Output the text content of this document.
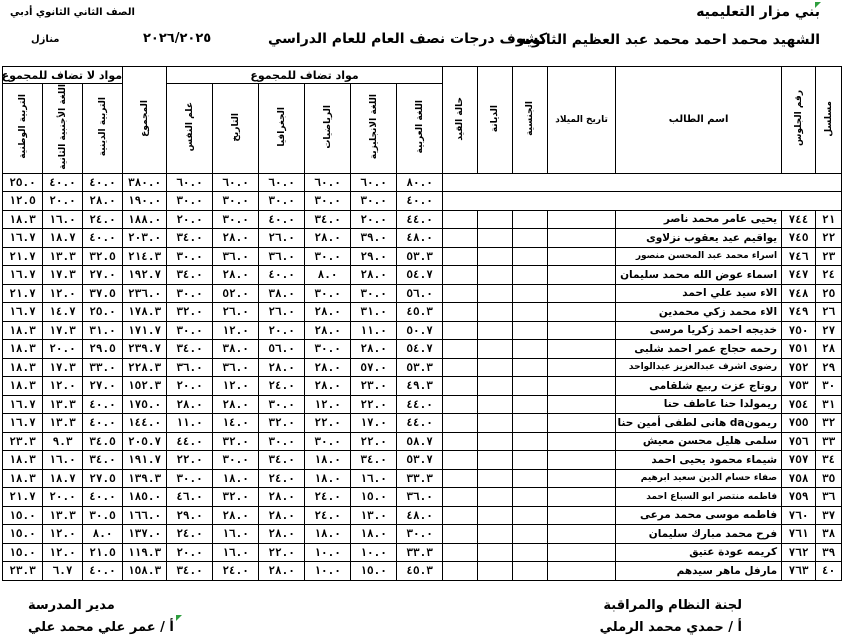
بني مزار التعليميه
الشهيد محمد احمد محمد عبد العظيم الثانويه
كشوف درجات نصف العام للعام الدراسي
٢٠٢٦/٢٠٢٥
الصف الثاني الثانوي أدبي
منازل
مسلسل	رقم الجلوس	اسم الطالب	تاريخ الميلاد	الجنسية	الديانة	حالة القيد	مواد تضاف للمجموع						المجموع	مواد لا تضاف للمجموع		
							اللغة العربية	اللغة الانجليزية	الرياضيات	الجغرافيا	التاريخ	علم النفس		التربية الدينية	اللغة الأجنبية الثانية	التربية الوطنية
							٨٠.٠	٦٠.٠	٦٠.٠	٦٠.٠	٦٠.٠	٦٠.٠	٣٨٠.٠	٤٠.٠	٤٠.٠	٢٥.٠
							٤٠.٠	٣٠.٠	٣٠.٠	٣٠.٠	٣٠.٠	٣٠.٠	١٩٠.٠	٢٨.٠	٢٠.٠	١٢.٥
٢١	٧٤٤	يحيى عامر محمد ناصر					٤٤.٠	٢٠.٠	٣٤.٠	٤٠.٠	٣٠.٠	٢٠.٠	١٨٨.٠	٢٤.٠	١٦.٠	١٨.٣
٢٢	٧٤٥	يواقيم عيد يعقوب نزلاوى					٤٨.٠	٣٩.٠	٢٨.٠	٢٦.٠	٢٨.٠	٣٤.٠	٢٠٣.٠	٤٠.٠	١٨.٧	١٦.٧
٢٣	٧٤٦	اسراء محمد عبد المحسن منصور					٥٣.٣	٢٩.٠	٣٠.٠	٣٦.٠	٣٦.٠	٣٠.٠	٢١٤.٣	٣٢.٥	١٣.٣	٢١.٧
٢٤	٧٤٧	اسماء عوض الله محمد سليمان					٥٤.٧	٢٨.٠	٨.٠	٤٠.٠	٢٨.٠	٣٤.٠	١٩٢.٧	٢٧.٠	١٧.٣	١٦.٧
٢٥	٧٤٨	الاء سيد علي احمد					٥٦.٠	٣٠.٠	٣٠.٠	٣٨.٠	٥٢.٠	٣٠.٠	٢٣٦.٠	٣٧.٥	١٢.٠	٢١.٧
٢٦	٧٤٩	الاء محمد زكي محمدين					٤٥.٣	٣١.٠	٢٨.٠	٢٦.٠	٢٦.٠	٣٢.٠	١٧٨.٣	٢٥.٠	١٤.٧	١٦.٧
٢٧	٧٥٠	خديجه احمد زكريا مرسى					٥٠.٧	١١.٠	٢٨.٠	٢٠.٠	١٢.٠	٣٠.٠	١٧١.٧	٣١.٠	١٧.٣	١٨.٣
٢٨	٧٥١	رحمه حجاج عمر احمد شلبى					٥٤.٧	٢٨.٠	٣٠.٠	٥٦.٠	٣٨.٠	٣٤.٠	٢٣٩.٧	٢٩.٥	٢٠.٠	١٨.٣
٢٩	٧٥٢	رضوى اشرف عبدالعزيز عبدالواحد					٥٣.٣	٥٧.٠	٢٨.٠	٢٨.٠	٣٦.٠	٣٦.٠	٢٢٨.٣	٣٣.٠	١٧.٣	١٨.٣
٣٠	٧٥٣	روتاج عزت ربيع شلقامى					٤٩.٣	٢٣.٠	٢٨.٠	٢٤.٠	١٢.٠	٢٠.٠	١٥٢.٣	٢٧.٠	١٢.٠	١٨.٣
٣١	٧٥٤	ريمولدا حنا عاطف حنا					٤٤.٠	٢٢.٠	١٢.٠	٣٠.٠	٢٨.٠	٢٨.٠	١٧٥.٠	٤٠.٠	١٣.٣	١٦.٧
٣٢	٧٥٥	ريمونda هانى لطفى أمين حنا					٤٤.٠	١٧.٠	٢٢.٠	٣٢.٠	١٤.٠	١١.٠	١٤٤.٠	٤٠.٠	١٣.٣	١٦.٧
٣٣	٧٥٦	سلمى هليل محسن معيش					٥٨.٧	٢٢.٠	٣٠.٠	٣٠.٠	٣٢.٠	٤٤.٠	٢٠٥.٧	٣٤.٥	٩.٣	٢٣.٣
٣٤	٧٥٧	شيماء محمود يحيى احمد					٥٣.٧	٣٤.٠	١٨.٠	٣٤.٠	٣٠.٠	٢٢.٠	١٩١.٧	٣٤.٠	١٦.٠	١٨.٣
٣٥	٧٥٨	صفاء حسام الدين سعيد ابرهيم					٣٣.٣	١٦.٠	١٨.٠	٢٤.٠	١٨.٠	٣٠.٠	١٣٩.٣	٢٧.٥	١٨.٧	١٨.٣
٣٦	٧٥٩	فاطمه منتصر ابو السباع احمد					٣٦.٠	١٥.٠	٢٤.٠	٢٨.٠	٣٢.٠	٤٦.٠	١٨٥.٠	٤٠.٠	٢٠.٠	٢١.٧
٣٧	٧٦٠	فاطمه موسى محمد مرعى					٤٨.٠	١٣.٠	٢٤.٠	٢٨.٠	٢٨.٠	٢٩.٠	١٦٦.٠	٣٠.٥	١٣.٣	١٥.٠
٣٨	٧٦١	فرح محمد مبارك سليمان					٣٠.٠	١٨.٠	١٨.٠	٢٨.٠	١٦.٠	٢٤.٠	١٣٧.٠	٨.٠	١٢.٠	١٥.٠
٣٩	٧٦٢	كريمه عودة عتيق					٣٣.٣	١٠.٠	١٠.٠	٢٢.٠	١٦.٠	٢٠.٠	١١٩.٣	٢١.٥	١٢.٠	١٥.٠
٤٠	٧٦٣	مارفل ماهر سيدهم					٤٥.٣	١٥.٠	١٠.٠	٢٨.٠	٢٤.٠	٣٤.٠	١٥٨.٣	٤٠.٠	٦.٧	٢٣.٣
لجنة النظام والمراقبة
أ / حمدي محمد الرملي
مدير المدرسة
أ / عمر علي محمد علي
